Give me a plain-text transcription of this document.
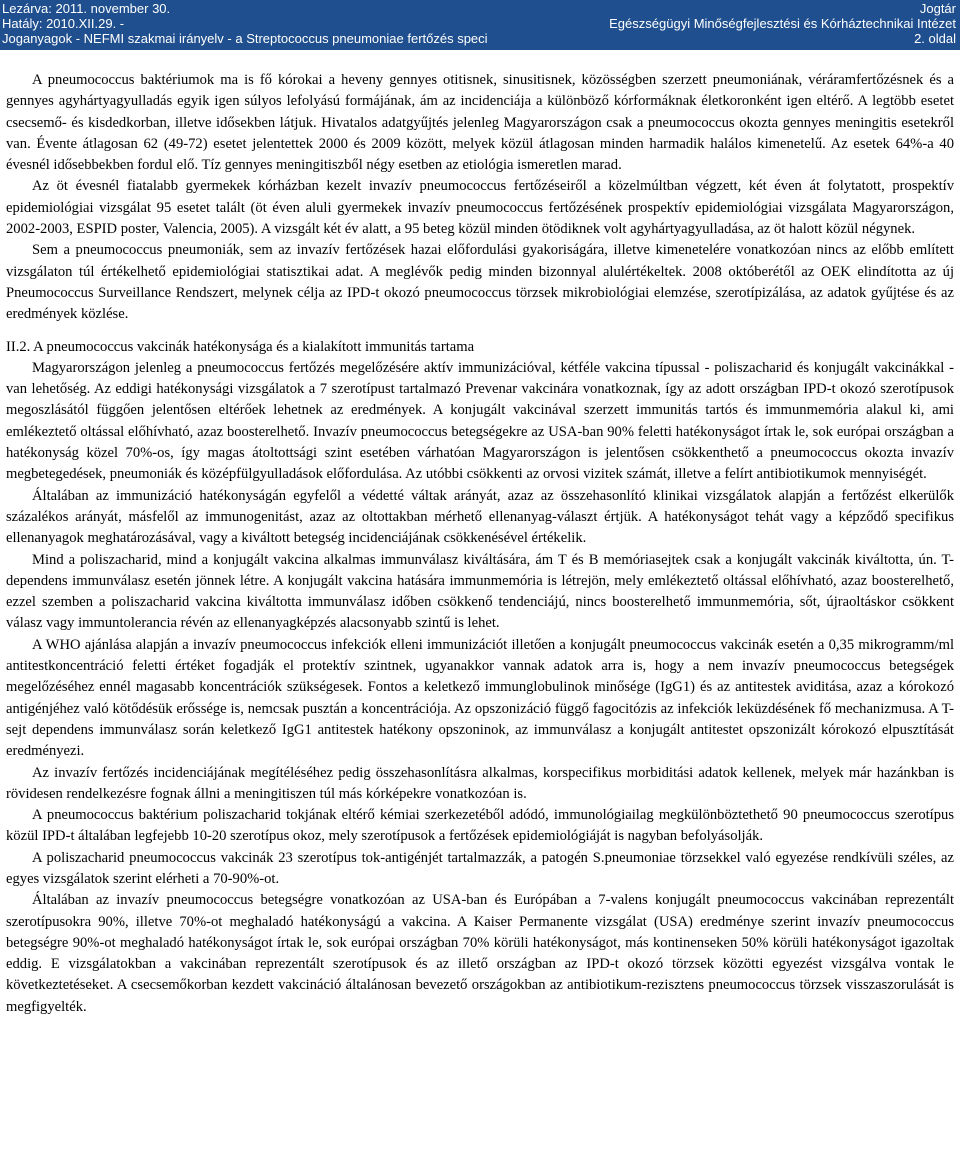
Lezárva: 2011. november 30.
Hatály: 2010.XII.29. -
Joganyagok - NEFMI szakmai irányelv - a Streptococcus pneumoniae fertőzés speci
Jogtár
Egészségügyi Minőségfejlesztési és Kórháztechnikai Intézet
2. oldal

A pneumococcus baktériumok ma is fő kórokai a heveny gennyes otitisnek, sinusitisnek, közösségben szerzett pneumoniának, véráramfertőzésnek és a gennyes agyhártyagyulladás egyik igen súlyos lefolyású formájának, ám az incidenciája a különböző kórformáknak életkoronként igen eltérő. A legtöbb esetet csecsemő- és kisdedkorban, illetve idősekben látjuk. Hivatalos adatgyűjtés jelenleg Magyarországon csak a pneumococcus okozta gennyes meningitis esetekről van. Évente átlagosan 62 (49-72) esetet jelentettek 2000 és 2009 között, melyek közül átlagosan minden harmadik halálos kimenetelű. Az esetek 64%-a 40 évesnél idősebbekben fordul elő. Tíz gennyes meningitiszből négy esetben az etiológia ismeretlen marad.

Az öt évesnél fiatalabb gyermekek kórházban kezelt invazív pneumococcus fertőzéseiről a közelmúltban végzett, két éven át folytatott, prospektív epidemiológiai vizsgálat 95 esetet talált (öt éven aluli gyermekek invazív pneumococcus fertőzésének prospektív epidemiológiai vizsgálata Magyarországon, 2002-2003, ESPID poster, Valencia, 2005). A vizsgált két év alatt, a 95 beteg közül minden ötödiknek volt agyhártyagyulladása, az öt halott közül négynek.

Sem a pneumococcus pneumoniák, sem az invazív fertőzések hazai előfordulási gyakoriságára, illetve kimenetelére vonatkozóan nincs az előbb említett vizsgálaton túl értékelhető epidemiológiai statisztikai adat. A meglévők pedig minden bizonnyal alulértékeltek. 2008 októberétől az OEK elindította az új Pneumococcus Surveillance Rendszert, melynek célja az IPD-t okozó pneumococcus törzsek mikrobiológiai elemzése, szerotípizálása, az adatok gyűjtése és az eredmények közlése.

II.2. A pneumococcus vakcinák hatékonysága és a kialakított immunitás tartama

Magyarországon jelenleg a pneumococcus fertőzés megelőzésére aktív immunizációval, kétféle vakcina típussal - poliszacharid és konjugált vakcinákkal - van lehetőség. Az eddigi hatékonysági vizsgálatok a 7 szerotípust tartalmazó Prevenar vakcinára vonatkoznak, így az adott országban IPD-t okozó szerotípusok megoszlásától függően jelentősen eltérőek lehetnek az eredmények. A konjugált vakcinával szerzett immunitás tartós és immunmemória alakul ki, ami emlékeztető oltással előhívható, azaz boosterelhető. Invazív pneumococcus betegségekre az USA-ban 90% feletti hatékonyságot írtak le, sok európai országban a hatékonyság közel 70%-os, így magas átoltottsági szint esetében várhatóan Magyarországon is jelentősen csökkenthető a pneumococcus okozta invazív megbetegedések, pneumoniák és középfülgyulladások előfordulása. Az utóbbi csökkenti az orvosi vizitek számát, illetve a felírt antibiotikumok mennyiségét.

Általában az immunizáció hatékonyságán egyfelől a védetté váltak arányát, azaz az összehasonlító klinikai vizsgálatok alapján a fertőzést elkerülők százalékos arányát, másfelől az immunogenitást, azaz az oltottakban mérhető ellenanyag-választ értjük. A hatékonyságot tehát vagy a képződő specifikus ellenanyagok meghatározásával, vagy a kiváltott betegség incidenciájának csökkenésével értékelik.

Mind a poliszacharid, mind a konjugált vakcina alkalmas immunválasz kiváltására, ám T és B memóriasejtek csak a konjugált vakcinák kiváltotta, ún. T-dependens immunválasz esetén jönnek létre. A konjugált vakcina hatására immunmemória is létrejön, mely emlékeztető oltással előhívható, azaz boosterelhető, ezzel szemben a poliszacharid vakcina kiváltotta immunválasz időben csökkenő tendenciájú, nincs boosterelhető immunmemória, sőt, újraoltáskor csökkent válasz vagy immuntolerancia révén az ellenanyagképzés alacsonyabb szintű is lehet.

A WHO ajánlása alapján a invazív pneumococcus infekciók elleni immunizációt illetően a konjugált pneumococcus vakcinák esetén a 0,35 mikrogramm/ml antitestkoncentráció feletti értéket fogadják el protektív szintnek, ugyanakkor vannak adatok arra is, hogy a nem invazív pneumococcus betegségek megelőzéséhez ennél magasabb koncentrációk szükségesek. Fontos a keletkező immunglobulinok minősége (IgG1) és az antitestek aviditása, azaz a kórokozó antigénjéhez való kötődésük erőssége is, nemcsak pusztán a koncentrációja. Az opszonizáció függő fagocitózis az infekciók leküzdésének fő mechanizmusa. A T-sejt dependens immunválasz során keletkező IgG1 antitestek hatékony opszoninok, az immunválasz a konjugált antitestet opszonizált kórokozó elpusztítását eredményezi.

Az invazív fertőzés incidenciájának megítéléséhez pedig összehasonlításra alkalmas, korspecifikus morbiditási adatok kellenek, melyek már hazánkban is rövidesen rendelkezésre fognak állni a meningitiszen túl más kórképekre vonatkozóan is.

A pneumococcus baktérium poliszacharid tokjának eltérő kémiai szerkezetéből adódó, immunológiailag megkülönböztethető 90 pneumococcus szerotípus közül IPD-t általában legfejebb 10-20 szerotípus okoz, mely szerotípusok a fertőzések epidemiológiáját is nagyban befolyásolják.

A poliszacharid pneumococcus vakcinák 23 szerotípus tok-antigénjét tartalmazzák, a patogén S.pneumoniae törzsekkel való egyezése rendkívüli széles, az egyes vizsgálatok szerint elérheti a 70-90%-ot.

Általában az invazív pneumococcus betegségre vonatkozóan az USA-ban és Európában a 7-valens konjugált pneumococcus vakcinában reprezentált szerotípusokra 90%, illetve 70%-ot meghaladó hatékonyságú a vakcina. A Kaiser Permanente vizsgálat (USA) eredménye szerint invazív pneumococcus betegségre 90%-ot meghaladó hatékonyságot írtak le, sok európai országban 70% körüli hatékonyságot, más kontinenseken 50% körüli hatékonyságot igazoltak eddig. E vizsgálatokban a vakcinában reprezentált szerotípusok és az illető országban az IPD-t okozó törzsek közötti egyezést vizsgálva vontak le következtetéseket. A csecsemőkorban kezdett vakcináció általánosan bevezető országokban az antibiotikum-rezisztens pneumococcus törzsek visszaszorulását is megfigyelték.
